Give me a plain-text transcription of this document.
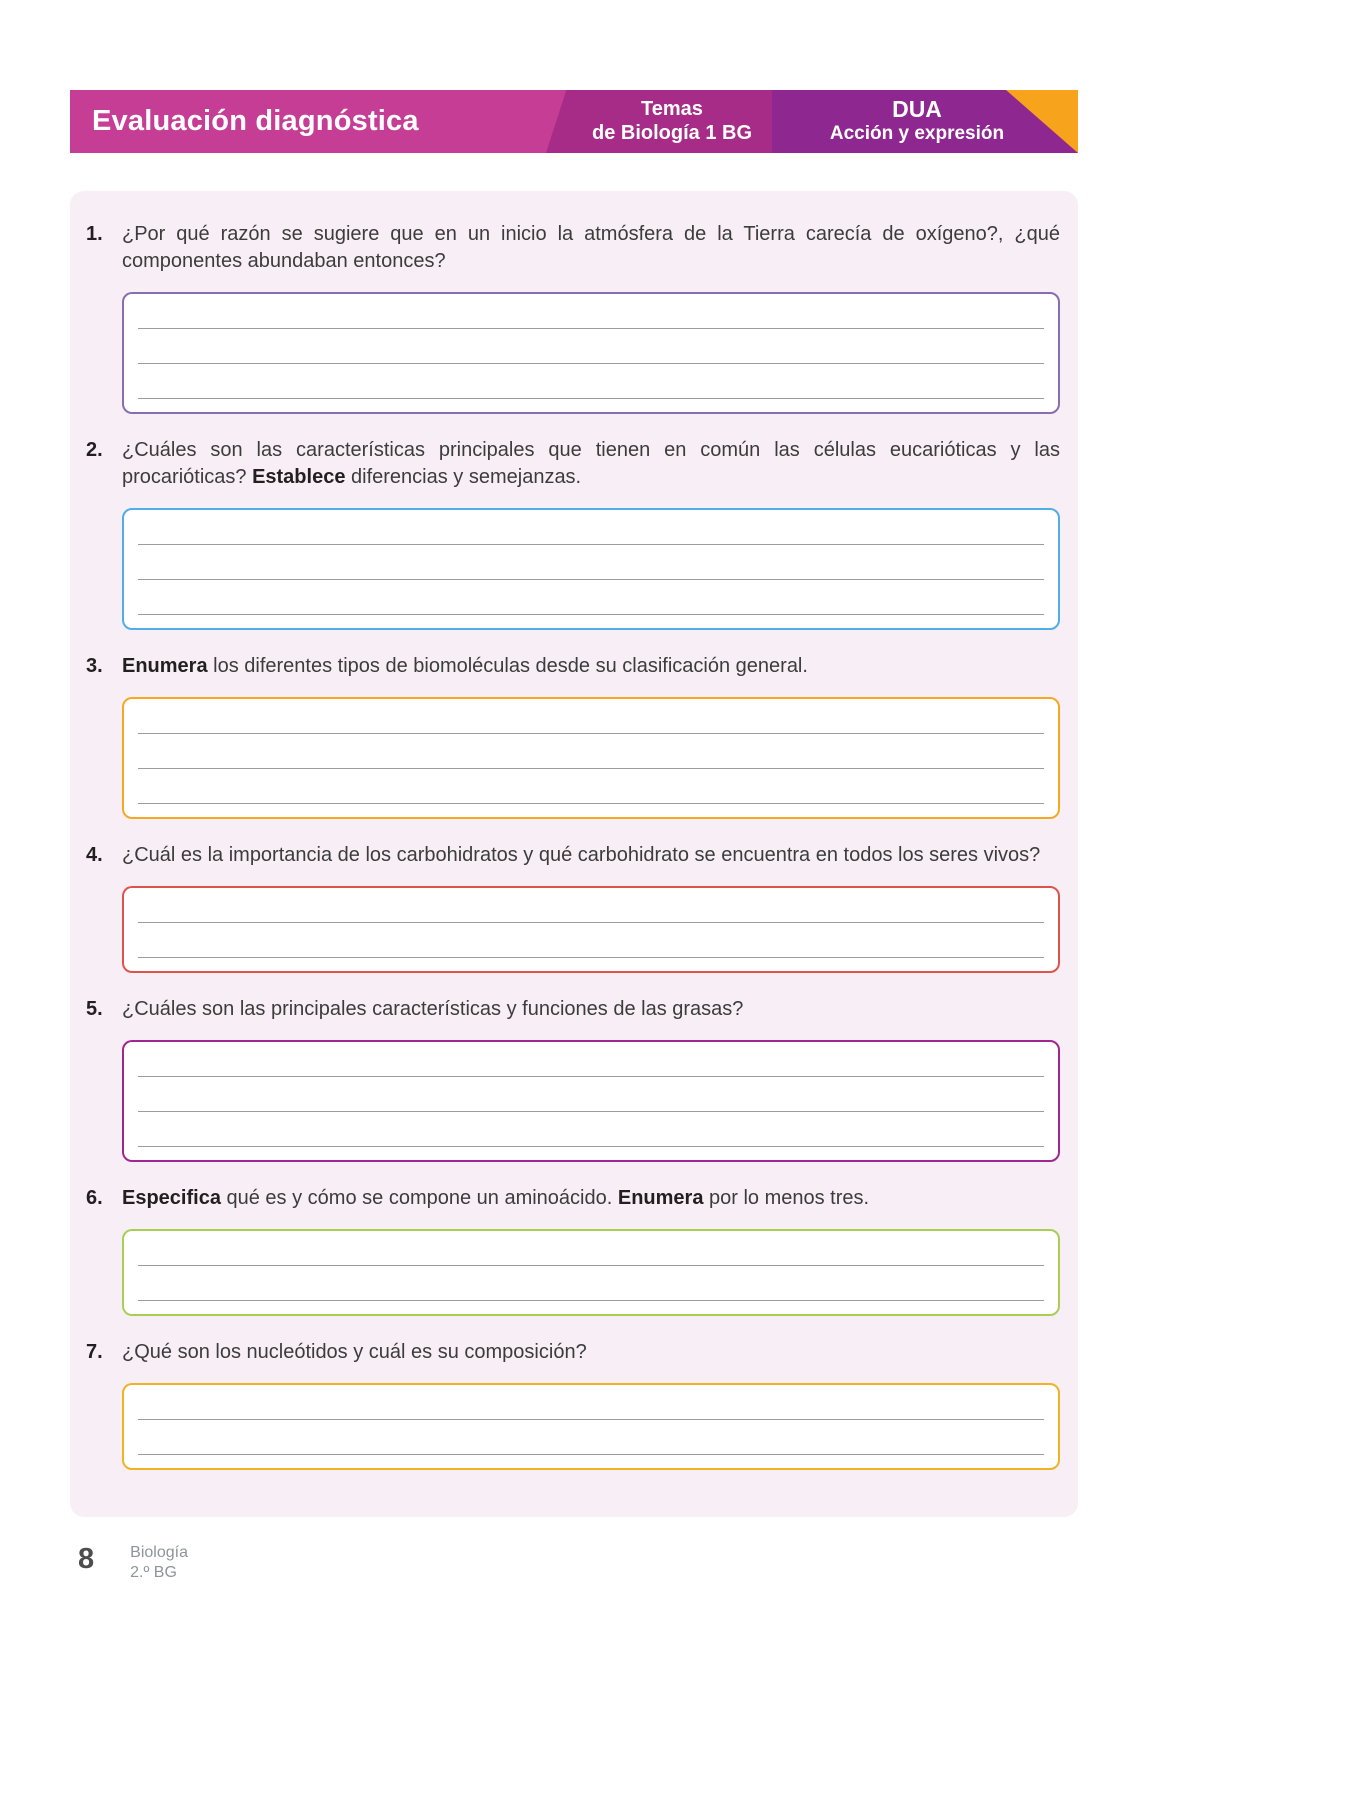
Evaluación diagnóstica	Temas
de Biología 1 BG
DUA
Acción y expresión
1. ¿Por qué razón se sugiere que en un inicio la atmósfera de la Tierra carecía de oxígeno?, ¿qué componentes abundaban entonces?
2. ¿Cuáles son las características principales que tienen en común las células eucarióticas y las procarióticas? Establece diferencias y semejanzas.
3. Enumera los diferentes tipos de biomoléculas desde su clasificación general.
4. ¿Cuál es la importancia de los carbohidratos y qué carbohidrato se encuentra en todos los seres vivos?
5. ¿Cuáles son las principales características y funciones de las grasas?
6. Especifica qué es y cómo se compone un aminoácido. Enumera por lo menos tres.
7. ¿Qué son los nucleótidos y cuál es su composición?
8 Biología
2.º BG
